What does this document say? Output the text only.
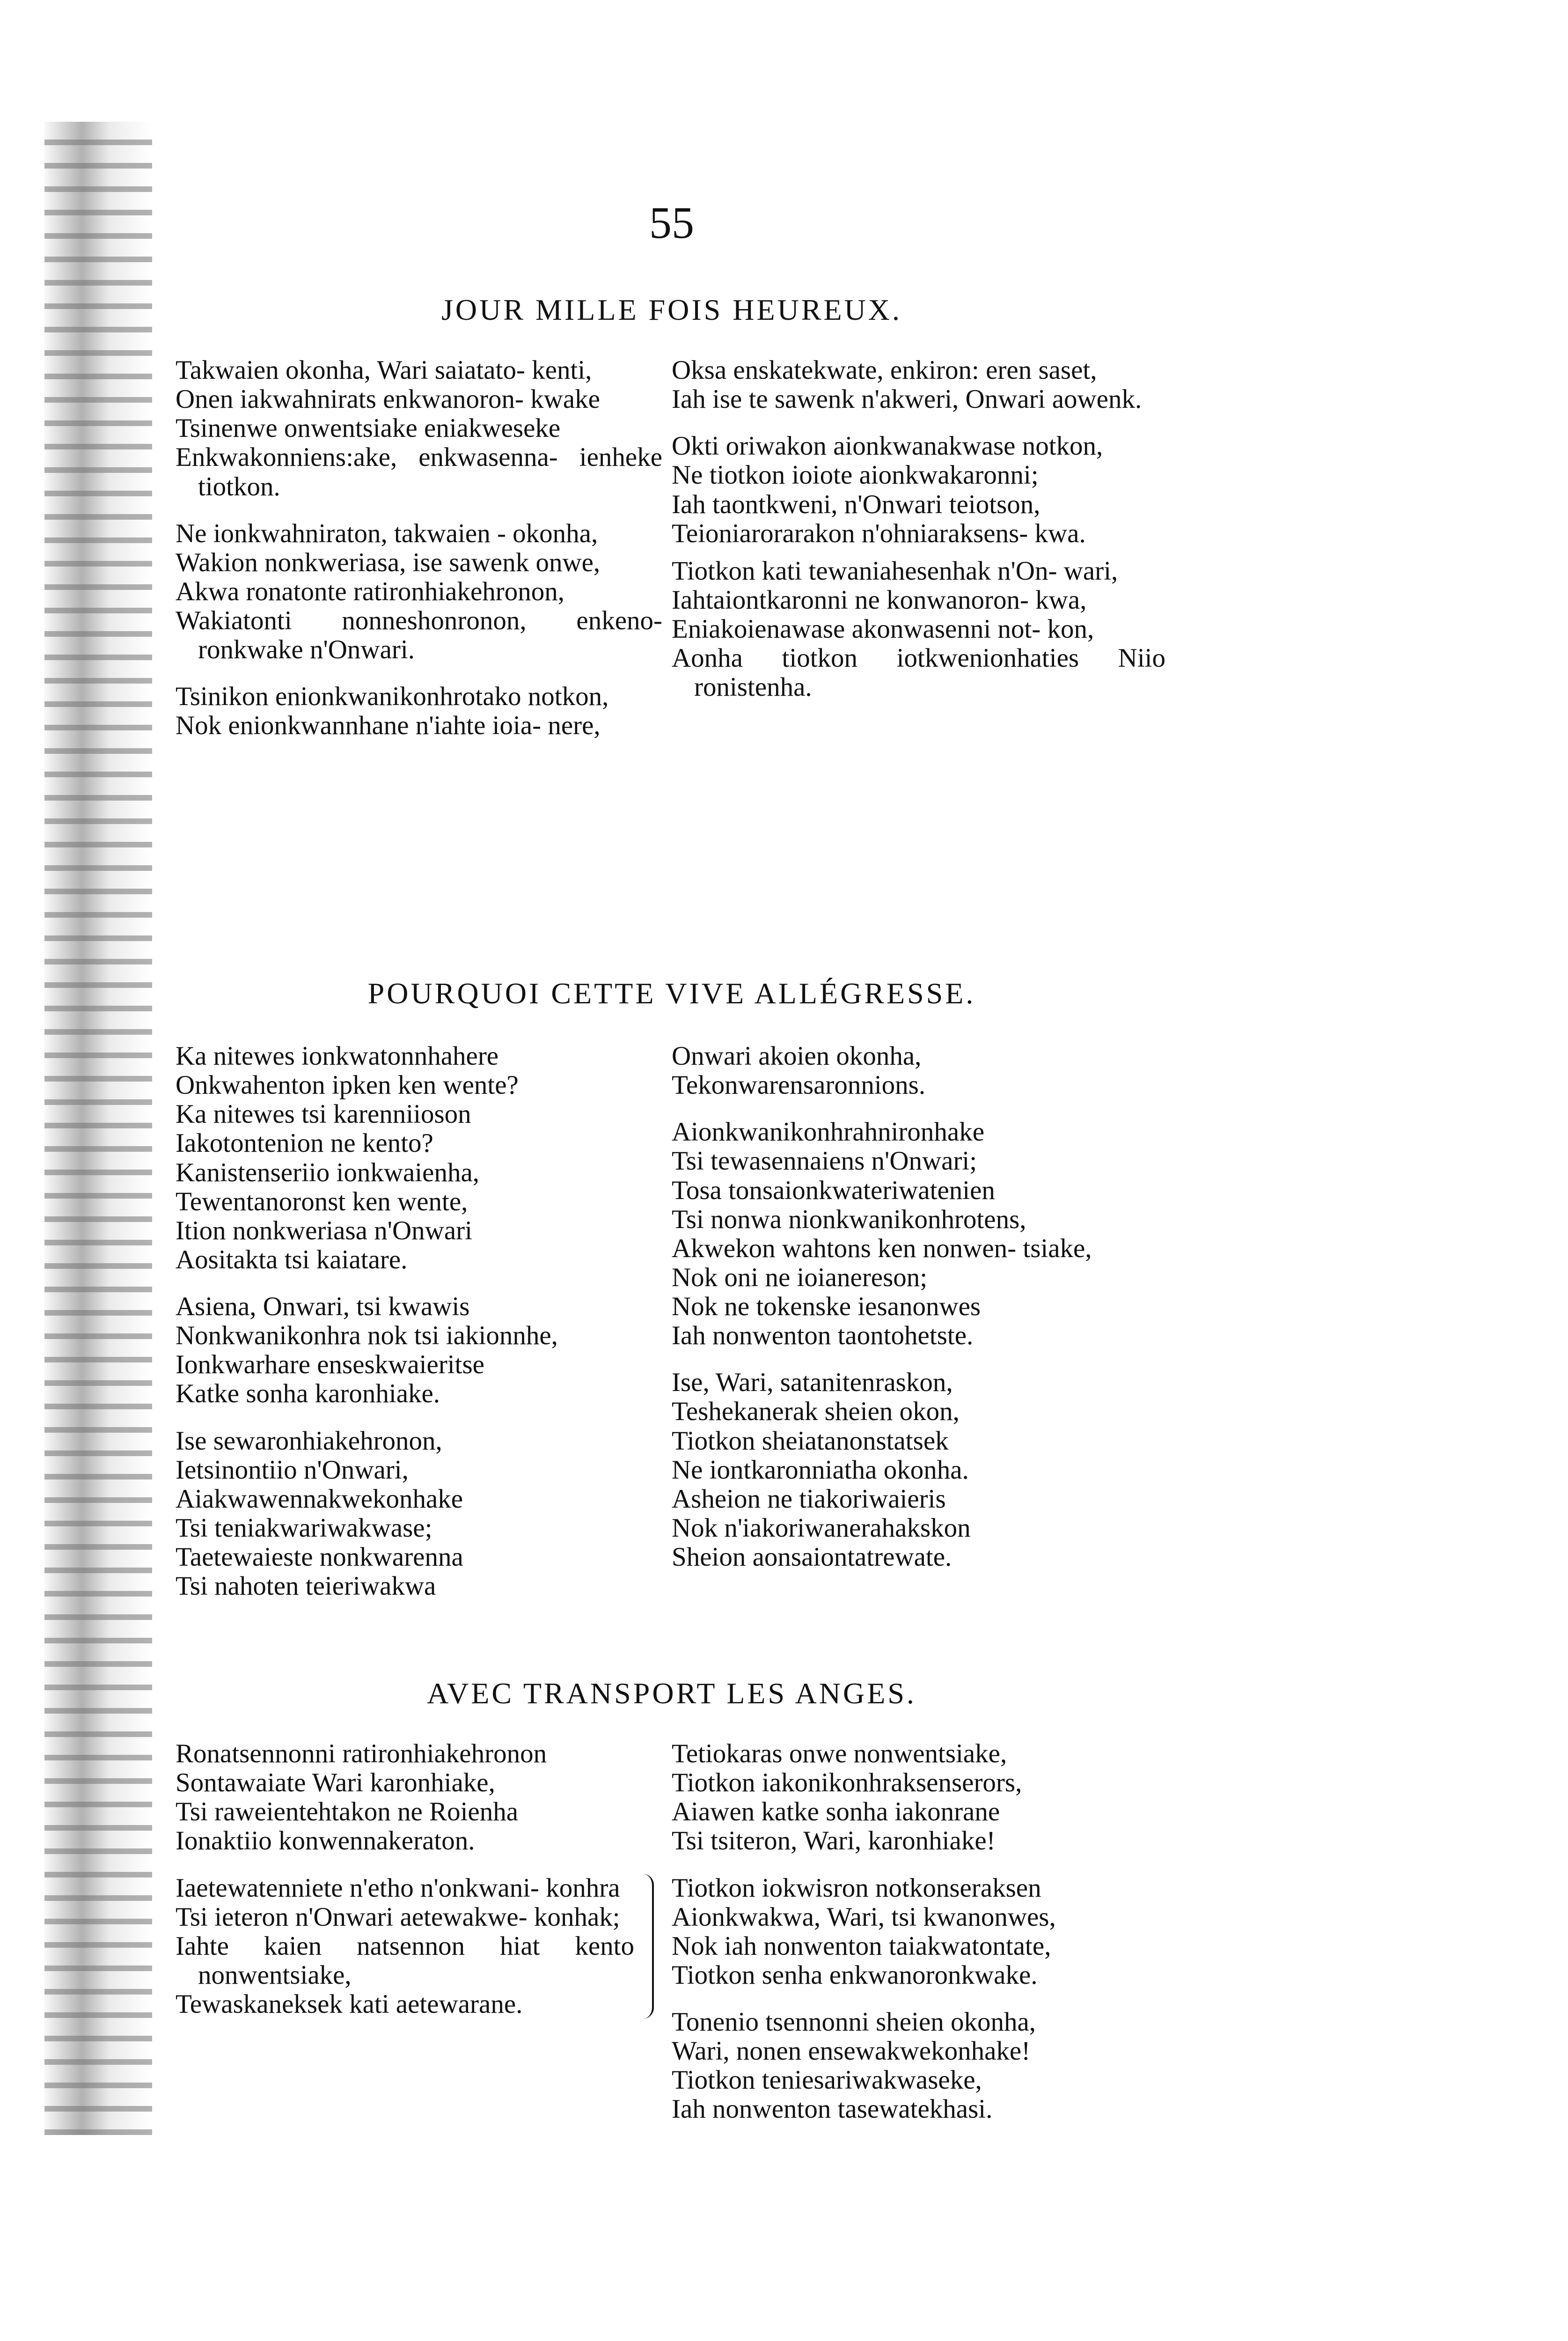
55
JOUR MILLE FOIS HEUREUX.
Takwaien okonha, Wari saiatato- kenti,
Onen iakwahnirats enkwanoron- kwake
Tsinenwe onwentsiake eniakweseke
Enkwakonniens:ake, enkwasenna- ienheke tiotkon.
Ne ionkwahniraton, takwaien - okonha,
Wakion nonkweriasa, ise sawenk onwe,
Akwa ronatonte ratironhiakehronon,
Wakiatonti nonneshonronon, enkeno- ronkwake n'Onwari.
Tsinikon enionkwanikonhrotako notkon,
Nok enionkwannhane n'iahte ioia- nere,
Oksa enskatekwate, enkiron: eren saset,
Iah ise te sawenk n'akweri, Onwari aowenk.
Okti oriwakon aionkwanakwase notkon,
Ne tiotkon ioiote aionkwakaronni;
Iah taontkweni, n'Onwari teiotson,
Teioniarorarakon n'ohniaraksens- kwa.
Tiotkon kati tewaniahesenhak n'On- wari,
Iahtaiontkaronni ne konwanoron- kwa,
Eniakoienawase akonwasenni not- kon,
Aonha tiotkon iotkwenionhaties Niio ronistenha.
POURQUOI CETTE VIVE ALLÉGRESSE.
Ka nitewes ionkwatonnhahere
Onkwahenton ipken ken wente?
Ka nitewes tsi karenniioson
Iakotontenion ne kento?
Kanistenseriio ionkwaienha,
Tewentanoronst ken wente,
Ition nonkweriasa n'Onwari
Aositakta tsi kaiatare.
Asiena, Onwari, tsi kwawis
Nonkwanikonhra nok tsi iakionnhe,
Ionkwarhare enseskwaieritse
Katke sonha karonhiake.
Ise sewaronhiakehronon,
Ietsinontiio n'Onwari,
Aiakwawennakwekonhake
Tsi teniakwariwakwase;
Taetewaieste nonkwarenna
Tsi nahoten teieriwakwa
Onwari akoien okonha,
Tekonwarensaronnions.
Aionkwanikonhrahnironhake
Tsi tewasennaiens n'Onwari;
Tosa tonsaionkwateriwatenien
Tsi nonwa nionkwanikonhrotens,
Akwekon wahtons ken nonwen- tsiake,
Nok oni ne ioianereson;
Nok ne tokenske iesanonwes
Iah nonwenton taontohetste.
Ise, Wari, satanitenraskon,
Teshekanerak sheien okon,
Tiotkon sheiatanonstatsek
Ne iontkaronniatha okonha.
Asheion ne tiakoriwaieris
Nok n'iakoriwanerahakskon
Sheion aonsaiontatrewate.
AVEC TRANSPORT LES ANGES.
Ronatsennonni ratironhiakehronon
Sontawaiate Wari karonhiake,
Tsi raweientehtakon ne Roienha
Ionaktiio konwennakeraton.
Iaetewatenniete n'etho n'onkwani- konhra
Tsi ieteron n'Onwari aetewakwe- konhak;
Iahte kaien natsennon hiat kento nonwentsiake,
Tewaskaneksek kati aetewarane.
Tetiokaras onwe nonwentsiake,
Tiotkon iakonikonhraksenserors,
Aiawen katke sonha iakonrane
Tsi tsiteron, Wari, karonhiake!
Tiotkon iokwisron notkonseraksen
Aionkwakwa, Wari, tsi kwanonwes,
Nok iah nonwenton taiakwatontate,
Tiotkon senha enkwanoronkwake.
Tonenio tsennonni sheien okonha,
Wari, nonen ensewakwekonhake!
Tiotkon teniesariwakwaseke,
Iah nonwenton tasewatekhasi.
